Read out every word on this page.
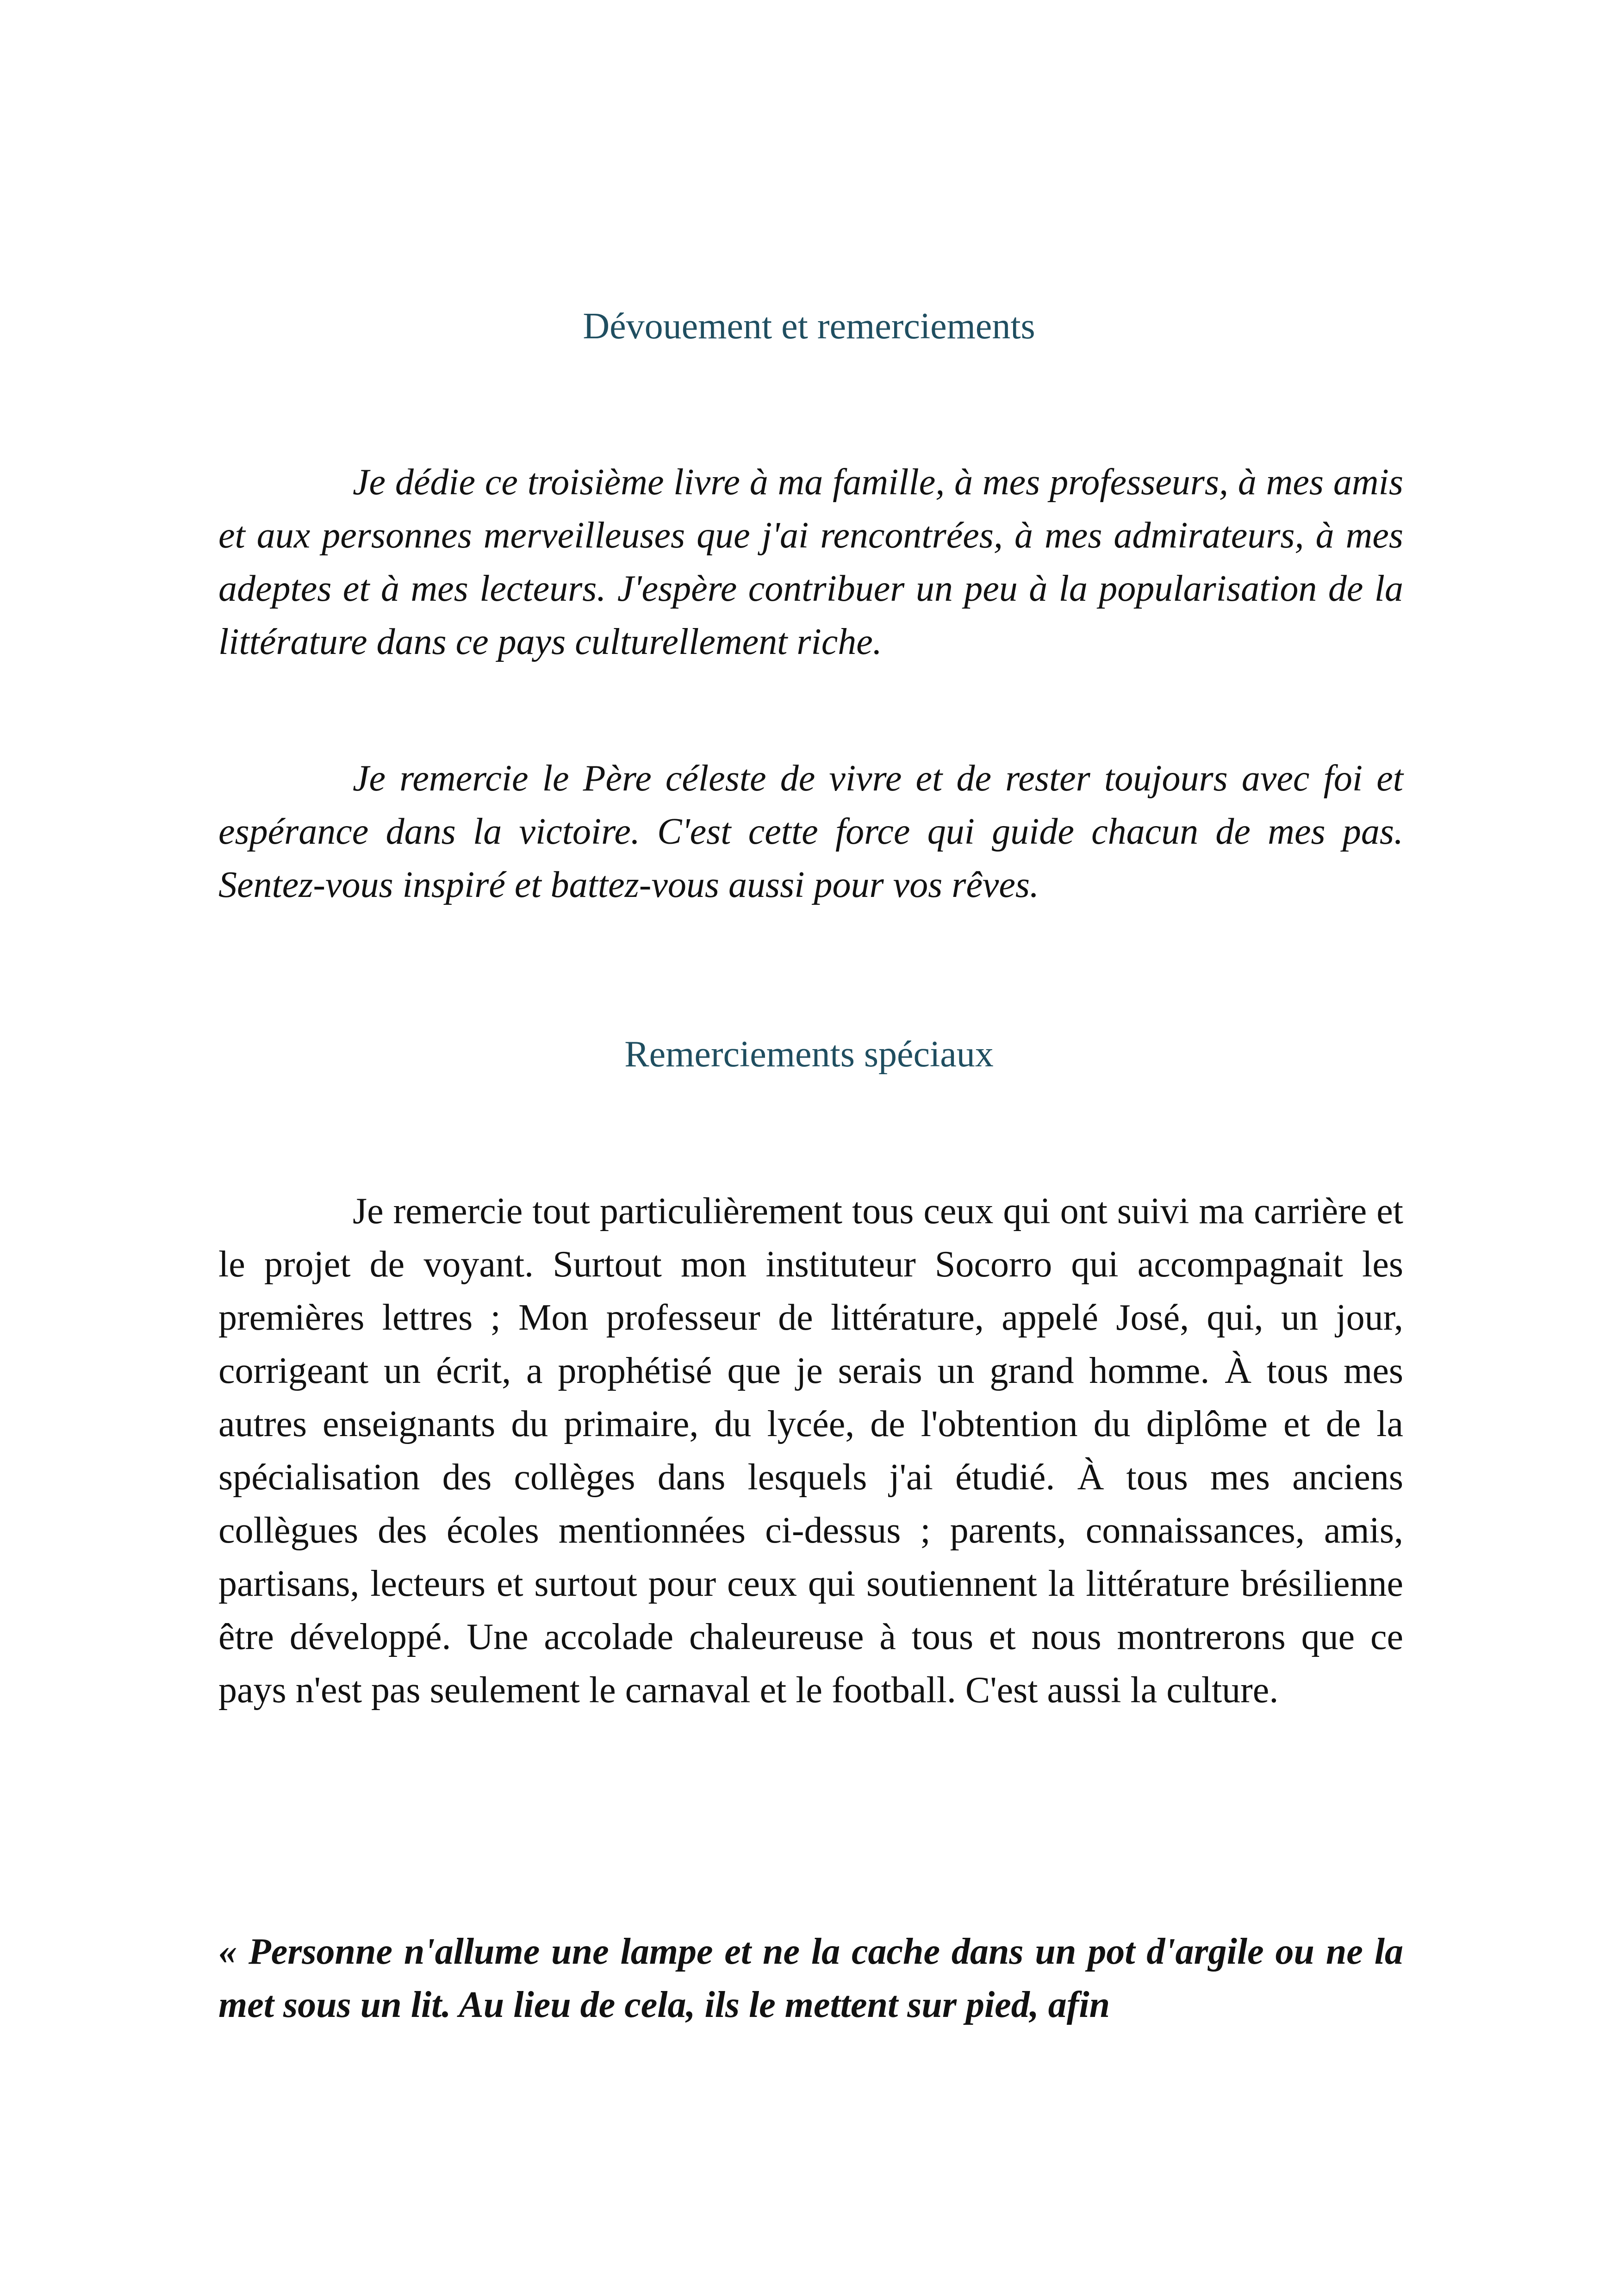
Dévouement et remerciements

Je dédie ce troisième livre à ma famille, à mes professeurs, à mes amis et aux personnes merveilleuses que j'ai rencontrées, à mes admirateurs, à mes adeptes et à mes lecteurs. J'espère contribuer un peu à la popularisation de la littérature dans ce pays culturellement riche.

Je remercie le Père céleste de vivre et de rester toujours avec foi et espérance dans la victoire. C'est cette force qui guide chacun de mes pas. Sentez-vous inspiré et battez-vous aussi pour vos rêves.

Remerciements spéciaux

Je remercie tout particulièrement tous ceux qui ont suivi ma carrière et le projet de voyant. Surtout mon instituteur Socorro qui accompagnait les premières lettres ; Mon professeur de littérature, appelé José, qui, un jour, corrigeant un écrit, a prophétisé que je serais un grand homme. À tous mes autres enseignants du primaire, du lycée, de l'obtention du diplôme et de la spécialisation des collèges dans lesquels j'ai étudié. À tous mes anciens collègues des écoles mentionnées ci-dessus ; parents, connaissances, amis, partisans, lecteurs et surtout pour ceux qui soutiennent la littérature brésilienne être développé. Une accolade chaleureuse à tous et nous montrerons que ce pays n'est pas seulement le carnaval et le football. C'est aussi la culture.

« Personne n'allume une lampe et ne la cache dans un pot d'argile ou ne la met sous un lit. Au lieu de cela, ils le mettent sur pied, afin
